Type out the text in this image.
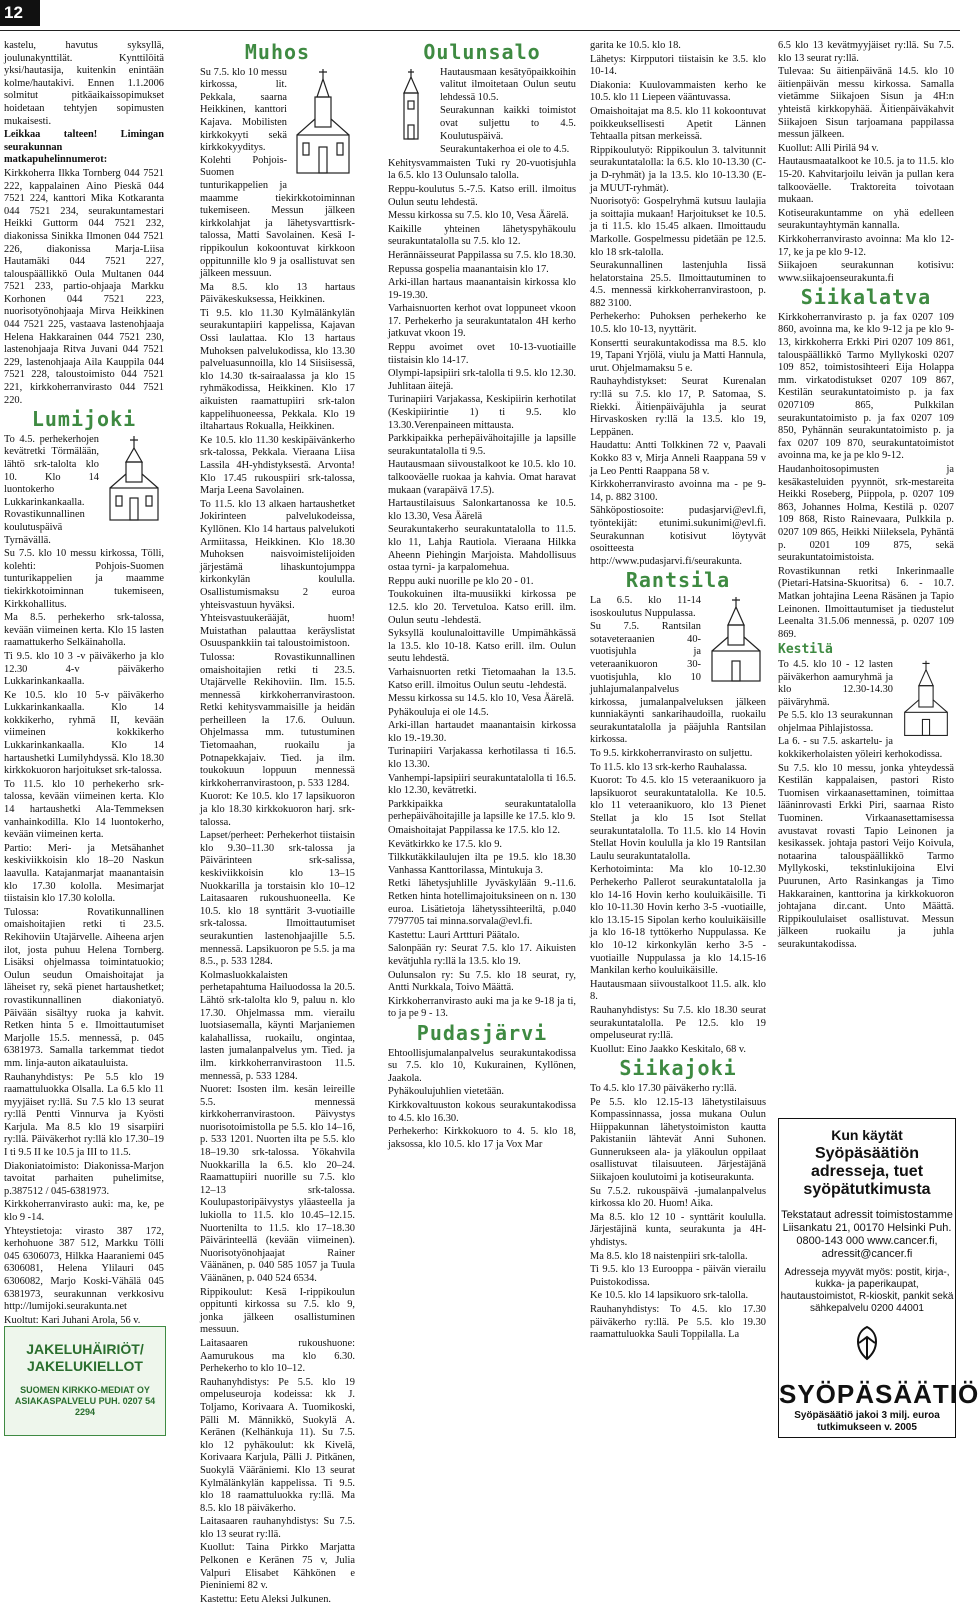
12

kastelu, havutus syksyllä, joulunakynttilät. Kynttilöitä yksi/hautasija, kuitenkin enintään kolme/hautakivi. Ennen 1.1.2006 solmitut pitkäaikaissopimukset hoidetaan tehtyjen sopimusten mukaisesti.

Leikkaa talteen! Limingan seurakunnan matkapuhelinnumerot:

Kirkkoherra Ilkka Tornberg 044 7521 222, kappalainen Aino Pieskä 044 7521 224, kanttori Mika Kotkaranta 044 7521 234, seurakuntamestari Heikki Guttorm 044 7521 232, diakonissa Sinikka Ilmonen 044 7521 226, diakonissa Marja-Liisa Hautamäki 044 7521 227, talouspäällikkö Oula Multanen 044 7521 233, partio-ohjaaja Markku Korhonen 044 7521 223, nuorisotyönohjaaja Mirva Heikkinen 044 7521 225, vastaava lastenohjaaja Helena Hakkarainen 044 7521 230, lastenohjaaja Ritva Juvani 044 7521 229, lastenohjaaja Aila Kauppila 044 7521 228, taloustoimisto 044 7521 221, kirkkoherranvirasto 044 7521 220.

Lumijoki

To 4.5. perhekerhojen kevätretki Törmälään, lähtö srk-talolta klo 10. Klo 14 luontokerho Lukkarinkankaalla. Rovastikunnallinen koulutuspäivä Tyrnävällä.

Su 7.5. klo 10 messu kirkossa, Tölli, kolehti: Pohjois-Suomen tunturikappelien ja maamme tiekirkkotoiminnan tukemiseen, Kirkkohallitus.

Ma 8.5. perhekerho srk-talossa, kevään viimeinen kerta. Klo 15 lasten raamattukerho Selkäinaholla.

Ti 9.5. klo 10 3 -v päiväkerho ja klo 12.30 4-v päiväkerho Lukkarinkankaalla.

Ke 10.5. klo 10 5-v päiväkerho Lukkarinkankaalla. Klo 14 kokkikerho, ryhmä II, kevään viimeinen kokkikerho Lukkarinkankaalla. Klo 14 hartaushetki Lumilyhdyssä. Klo 18.30 kirkkokuoron harjoitukset srk-talossa.

To 11.5. klo 10 perhekerho srk-talossa, kevään viimeinen kerta. Klo 14 hartaushetki Ala-Temmeksen vanhainkodilla. Klo 14 luontokerho, kevään viimeinen kerta.

Partio: Meri- ja Metsähanhet keskiviikkoisin klo 18–20 Naskun laavulla. Katajanmarjat maanantaisin klo 17.30 kololla. Mesimarjat tiistaisin klo 17.30 kololla.

Tulossa: Rovatikunnallinen omaishoitajien retki ti 23.5. Rekihoviin Utajärvelle. Aiheena arjen ilot, josta puhuu Helena Tornberg. Lisäksi ohjelmassa toimintatuokio; Oulun seudun Omaishoitajat ja läheiset ry, sekä pienet hartaushetket; rovastikunnallinen diakoniatyö. Päivään sisältyy ruoka ja kahvit. Retken hinta 5 e. Ilmoittautumiset Marjolle 15.5. mennessä, p. 045 6381973. Samalla tarkemmat tiedot mm. linja-auton aikatauluista.

Rauhanyhdistys: Pe 5.5 klo 19 raamattuluokka Olsalla. La 6.5 klo 11 myyjäiset ry:llä. Su 7.5 klo 13 seurat ry:llä Pentti Vinnurva ja Kyösti Karjula. Ma 8.5 klo 19 sisarpiiri ry:llä. Päiväkerhot ry:llä klo 17.30–19 I ti 9.5 II ke 10.5 ja III to 11.5.

Diakoniatoimisto: Diakonissa-Marjon tavoitat parhaiten puhelimitse, p.387512 / 045-6381973.

Kirkkoherranvirasto auki: ma, ke, pe klo 9 -14.

Yhteystietoja: virasto 387 172, kerhohuone 387 512, Markku Tölli 045 6306073, Hilkka Haaraniemi 045 6306081, Helena Ylilauri 045 6306082, Marjo Koski-Vähälä 045 6381973, seurakunnan verkkosivu http://lumijoki.seurakunta.net

Kuoltut: Kari Juhani Arola, 56 v.

JAKELUHÄIRIÖT/ JAKELUKIELLOT
SUOMEN KIRKKO-MEDIAT OY ASIAKASPALVELU PUH. 0207 54 2294
Muhos

Su 7.5. klo 10 messu kirkossa, lit. Pekkala, saarna Heikkinen, kanttori Kajava. Mobilisten kirkkokyyti sekä kirkkokyyditys. Kolehti Pohjois-Suomen tunturikappelien ja maamme tiekirkkotoiminnan tukemiseen. Messun jälkeen kirkkolahjat ja lähetysvarttisrk-talossa, Matti Savolainen. Kesä I-rippikoulun kokoontuvat kirkkoon oppitunnille klo 9 ja osallistuvat sen jälkeen messuun.

Ma 8.5. klo 13 hartaus Päiväkeskuksessa, Heikkinen.

Ti 9.5. klo 11.30 Kylmälänkylän seurakuntapiiri kappelissa, Kajavan Ossi laulattaa. Klo 13 hartaus Muhoksen palvelukodissa, klo 13.30 palveluasunnoilla, klo 14 Siisiisessä, klo 14.30 tk-sairaalassa ja klo 15 ryhmäkodissa, Heikkinen. Klo 17 aikuisten raamattupiiri srk-talon kappelihuoneessa, Pekkala. Klo 19 iltahartaus Rokualla, Heikkinen.

Ke 10.5. klo 11.30 keskipäivänkerho srk-talossa, Pekkala. Vieraana Liisa Lassila 4H-yhdistyksestä. Arvonta! Klo 17.45 rukouspiiri srk-talossa, Marja Leena Savolainen.

To 11.5. klo 13 alkaen hartaushetket Jokirinteen palvelukodeissa, Kyllönen. Klo 14 hartaus palvelukoti Armiitassa, Heikkinen. Klo 18.30 Muhoksen naisvoimistelijoiden järjestämä lihaskuntojumppa kirkonkylän koululla. Osallistumismaksu 2 euroa yhteisvastuun hyväksi.

Yhteisvastuukerääjät, huom! Muistathan palauttaa keräyslistat Osuuspankkiin tai taloustoimistoon.

Tulossa: Rovastikunnallinen omaishoitajien retki ti 23.5. Utajärvelle Rekihoviin. Ilm. 15.5. mennessä kirkkoherranvirastoon. Retki kehitysvammaisille ja heidän perheilleen la 17.6. Ouluun. Ohjelmassa mm. tutustuminen Tietomaahan, ruokailu ja Potnapekkajaiv. Tied. ja ilm. toukokuun loppuun mennessä kirkkoherranvirastoon, p. 533 1284.

Kuorot: Ke 10.5. klo 17 lapsikuoron ja klo 18.30 kirkkokuoron harj. srk-talossa.

Lapset/perheet: Perhekerhot tiistaisin klo 9.30–11.30 srk-talossa ja Päivärinteen srk-salissa, keskiviikkoisin klo 13–15 Nuokkarilla ja torstaisin klo 10–12 Laitasaaren rukoushuoneella. Ke 10.5. klo 18 synttärit 3-vuotiaille srk-talossa. Ilmoittautumiset seurakuntien lastenohjaajille 5.5. mennessä. Lapsikuoron pe 5.5. ja ma 8.5., p. 533 1284.

Kolmasluokkalaisten perhetapahtuma Hailuodossa la 20.5. Lähtö srk-talolta klo 9, paluu n. klo 17.30. Ohjelmassa mm. vierailu luotsiasemalla, käynti Marjaniemen kalahallissa, ruokailu, ongintaa, lasten jumalanpalvelus ym. Tied. ja ilm. kirkkoherranvirastoon 11.5. mennessä, p. 533 1284.

Nuoret: Isosten ilm. kesän leireille 5.5. mennessä kirkkoherranvirastoon. Päivystys nuorisotoimistolla pe 5.5. klo 14–16, p. 533 1201. Nuorten ilta pe 5.5. klo 18–19.30 srk-talossa. Yökahvila Nuokkarilla la 6.5. klo 20–24. Raamattupiiri nuorille su 7.5. klo 12–13 srk-talossa. Koulupastoripäivystys yläasteella ja lukiolla to 11.5. klo 10.45–12.15. Nuortenilta to 11.5. klo 17–18.30 Päivärinteellä (kevään viimeinen). Nuorisotyönohjaajat Rainer Väänänen, p. 040 585 1057 ja Tuula Väänänen, p. 040 524 6534.

Rippikoulut: Kesä I-rippikoulun oppitunti kirkossa su 7.5. klo 9, jonka jälkeen osallistuminen messuun.

Laitasaaren rukoushuone: Aamurukous ma klo 6.30. Perhekerho to klo 10–12.

Rauhanyhdistys: Pe 5.5. klo 19 ompeluseuroja kodeissa: kk J. Toljamo, Korivaara A. Tuomikoski, Pälli M. Männikkö, Suokylä A. Keränen (Kelhänkuja 11). Su 7.5. klo 12 pyhäkoulut: kk Kivelä, Korivaara Karjula, Pälli J. Pitkänen, Suokylä Vääräniemi. Klo 13 seurat Kylmälänkylän kappelissa. Ti 9.5. klo 18 raamattuluokka ry:llä. Ma 8.5. klo 18 päiväkerho.

Laitasaaren rauhanyhdistys: Su 7.5. klo 13 seurat ry:llä.

Kuollut: Taina Pirkko Marjatta Pelkonen e Keränen 75 v, Julia Valpuri Elisabet Kähkönen e Pieniniemi 82 v.

Kastettu: Eetu Aleksi Julkunen.

Oulunsalo

Hautausmaan kesätyöpaikkoihin valitut ilmoitetaan Oulun seutu lehdessä 10.5.

Seurakunnan kaikki toimistot ovat suljettu to 4.5. Koulutuspäivä.

Seurakuntakerhoa ei ole to 4.5.

Kehitysvammaisten Tuki ry 20-vuotisjuhla la 6.5. klo 13 Oulunsalo talolla.

Reppu-koulutus 5.-7.5. Katso erill. ilmoitus Oulun seutu lehdestä.

Messu kirkossa su 7.5. klo 10, Vesa Äärelä.

Kaikille yhteinen lähetyspyhäkoulu seurakuntatalolla su 7.5. klo 12.

Herännäisseurat Pappilassa su 7.5. klo 18.30.

Repussa gospelia maanantaisin klo 17.

Arki-illan hartaus maanantaisin kirkossa klo 19-19.30.

Varhaisnuorten kerhot ovat loppuneet vkoon 17. Perhekerho ja seurakuntatalon 4H kerho jatkuvat vkoon 19.

Reppu avoimet ovet 10-13-vuotiaille tiistaisin klo 14-17.

Olympi-lapsipiiri srk-talolla ti 9.5. klo 12.30. Juhlitaan äitejä.

Turinapiiri Varjakassa, Keskipiirin kerhotilat (Keskipiirintie 1) ti 9.5. klo 13.30.Verenpaineen mittausta.

Parkkipaikka perhepäivähoitajille ja lapsille seurakuntatalolla ti 9.5.

Hautausmaan siivoustalkoot ke 10.5. klo 10. talkooväelle ruokaa ja kahvia. Omat haravat mukaan (varapäivä 17.5).

Hartaustilaisuus Salonkartanossa ke 10.5. klo 13.30, Vesa Äärelä

Seurakuntakerho seurakuntatalolla to 11.5. klo 11, Lahja Rautiola. Vieraana Hilkka Aheenn Piehingin Marjoista. Mahdollisuus ostaa tyrni- ja karpalomehua.

Reppu auki nuorille pe klo 20 - 01.

Toukokuinen ilta-muusiikki kirkossa pe 12.5. klo 20. Tervetuloa. Katso erill. ilm. Oulun seutu -lehdestä.

Syksyllä koulunaloittaville Umpimähkässä la 13.5. klo 10-18. Katso erill. ilm. Oulun seutu lehdestä.

Varhaisnuorten retki Tietomaahan la 13.5. Katso erill. ilmoitus Oulun seutu -lehdestä.

Messu kirkossa su 14.5. klo 10, Vesa Äärelä.

Pyhäkouluja ei ole 14.5.

Arki-illan hartaudet maanantaisin kirkossa klo 19.-19.30.

Turinapiiri Varjakassa kerhotilassa ti 16.5. klo 13.30.

Vanhempi-lapsipiiri seurakuntatalolla ti 16.5. klo 12.30, kevätretki.

Parkkipaikka seurakuntatalolla perhepäivähoitajille ja lapsille ke 17.5. klo 9.

Omaishoitajat Pappilassa ke 17.5. klo 12.

Kevätkirkko ke 17.5. klo 9.

Tilkkutäkkilaulujen ilta pe 19.5. klo 18.30 Vanhassa Kanttorilassa, Mintukuja 3.

Retki lähetysjuhlille Jyväskylään 9.-11.6. Retken hinta hotellimajoituksineen on n. 130 euroa. Lisätietoja lähetyssihteeriltä, p.040 7797705 tai minna.sorvala@evl.fi.

Kastettu: Lauri Arttturi Päätalo.

Salonpään ry: Seurat 7.5. klo 17. Aikuisten kevätjuhla ry:llä la 13.5. klo 19.

Oulunsalon ry: Su 7.5. klo 18 seurat, ry, Antti Nurkkala, Toivo Määttä.

Kirkkoherranvirasto auki ma ja ke 9-18 ja ti, to ja pe 9 - 13.

Pudasjärvi

Ehtoollisjumalanpalvelus seurakuntakodissa su 7.5. klo 10, Kukurainen, Kyllönen, Jaakola.

Pyhäkoulujuhlien vietetään.

Kirkkovaltuuston kokous seurakuntakodissa to 4.5. klo 16.30.

Perhekerho: Kirkkokuoro to 4. 5. klo 18, jaksossa, klo 10.5. klo 17 ja Vox Mar

garita ke 10.5. klo 18.

Lähetys: Kirpputori tiistaisin ke 3.5. klo 10-14.

Diakonia: Kuulovammaisten kerho ke 10.5. klo 11 Liepeen vääntuvassa.

Omaishoitajat ma 8.5. klo 11 kokoontuvat poikkeuksellisesti Apetit Lännen Tehtaalla pitsan merkeissä.

Rippikoulutyö: Rippikoulun 3. talvitunnit seurakuntatalolla: la 6.5. klo 10-13.30 (C- ja D-ryhmät) ja la 13.5. klo 10-13.30 (E- ja MUUT-ryhmät).

Nuorisotyö: Gospelryhmä kutsuu laulajia ja soittajia mukaan! Harjoitukset ke 10.5. ja ti 11.5. klo 15.45 alkaen. Ilmoittaudu Markolle. Gospelmessu pidetään pe 12.5. klo 18 srk-talolla.

Seurakunnallinen lastenjuhla Iissä helatorstaina 25.5. Ilmoittautuminen to 4.5. mennessä kirkkoherranvirastoon, p. 882 3100.

Perhekerho: Puhoksen perhekerho ke 10.5. klo 10-13, nyyttärit.

Konsertti seurakuntakodissa ma 8.5. klo 19, Tapani Yrjölä, viulu ja Matti Hannula, urut. Ohjelmamaksu 5 e.

Rauhayhdistykset: Seurat Kurenalan ry:llä su 7.5. klo 17, P. Satomaa, S. Riekki. Äitienpäiväjuhla ja seurat Hirvaskosken ry:llä la 13.5. klo 19, Leppänen.

Haudattu: Antti Tolkkinen 72 v, Paavali Kokko 83 v, Mirja Anneli Raappana 59 v ja Leo Pentti Raappana 58 v.

Kirkkoherranvirasto avoinna ma - pe 9-14, p. 882 3100.

Sähköpostiosoite: pudasjarvi@evl.fi, työntekijät: etunimi.sukunimi@evl.fi. Seurakunnan kotisivut löytyvät osoitteesta http://www.pudasjarvi.fi/seurakunta.

Rantsila

La 6.5. klo 11-14 isoskoulutus Nuppulassa.

Su 7.5. Rantsilan sotaveteraanien 40-vuotisjuhla ja veteraanikuoron 30-vuotisjuhla, klo 10 juhlajumalanpalvelus kirkossa, jumalanpalveluksen jälkeen kunniakäynti sankarihaudoilla, ruokailu seurakuntatalolla ja pääjuhla Rantsilan kirkossa.

To 9.5. kirkkoherranvirasto on suljettu.

To 11.5. klo 13 srk-kerho Rauhalassa.

Kuorot: To 4.5. klo 15 veteraanikuoro ja lapsikuorot seurakuntatalolla. Ke 10.5. klo 11 veteraanikuoro, klo 13 Pienet Stellat ja klo 15 Isot Stellat seurakuntatalolla. To 11.5. klo 14 Hovin Stellat Hovin koululla ja klo 19 Rantsilan Laulu seurakuntatalolla.

Kerhotoiminta: Ma klo 10-12.30 Perhekerho Pallerot seurakuntatalolla ja klo 14-16 Hovin kerho kouluikäisille. Ti klo 10-11.30 Hovin kerho 3-5 -vuotiaille, klo 13.15-15 Sipolan kerho kouluikäisille ja klo 16-18 tyttökerho Nuppulassa. Ke klo 10-12 kirkonkylän kerho 3-5 -vuotiaille Nuppulassa ja klo 14.15-16 Mankilan kerho kouluikäisille.

Hautausmaan siivoustalkoot 11.5. alk. klo 8.

Rauhanyhdistys: Su 7.5. klo 18.30 seurat seurakuntatalolla. Pe 12.5. klo 19 ompeluseurat ry:llä.

Kuollut: Eino Jaakko Keskitalo, 68 v.

Siikajoki

To 4.5. klo 17.30 päiväkerho ry:llä.

Pe 5.5. klo 12.15-13 lähetystilaisuus Kompassinnassa, jossa mukana Oulun Hiippakunnan lähetystoimiston kautta Pakistaniin lähtevät Anni Suhonen. Gunnerukseen ala- ja yläkoulun oppilaat osallistuvat tilaisuuteen. Järjestäjänä Siikajoen koulutoimi ja kotiseurakunta.

Su 7.5.2. rukouspäivä -jumalanpalvelus kirkossa klo 20. Huom! Aika.

Ma 8.5. klo 12 10 - synttärit koululla. Järjestäjinä kunta, seurakunta ja 4H-yhdistys.

Ma 8.5. klo 18 naistenpiiri srk-talolla.

Ti 9.5. klo 13 Eurooppa - päivän vierailu Puistokodissa.

Ke 10.5. klo 14 lapsikuoro srk-talolla.

Rauhanyhdistys: To 4.5. klo 17.30 päiväkerho ry:llä. Pe 5.5. klo 19.30 raamattuluokka Sauli Toppilalla. La

6.5 klo 13 kevätmyyjäiset ry:llä. Su 7.5. klo 13 seurat ry:llä.

Tulevaa: Su äitienpäivänä 14.5. klo 10 äitienpäivän messu kirkossa. Samalla vietämme Siikajoen Sisun ja 4H:n yhteistä kirkkopyhää. Äitienpäiväkahvit Siikajoen Sisun tarjoamana pappilassa messun jälkeen.

Kuollut: Alli Pirilä 94 v.

Hautausmaatalkoot ke 10.5. ja to 11.5. klo 15-20. Kahvitarjoilu leivän ja pullan kera talkooväelle. Traktoreita toivotaan mukaan.

Kotiseurakuntamme on yhä edelleen seurakuntayhtymän kannalla.

Kirkkoherranvirasto avoinna: Ma klo 12-17, ke ja pe klo 9-12.

Siikajoen seurakunnan kotisivu: www.siikajoenseurakunta.fi

Siikalatva

Kirkkoherranvirasto p. ja fax 0207 109 860, avoinna ma, ke klo 9-12 ja pe klo 9-13, kirkkoherra Erkki Piri 0207 109 861, talouspäällikkö Tarmo Myllykoski 0207 109 852, toimistosihteeri Eija Holappa mm. virkatodistukset 0207 109 867, Kestilän seurakuntatoimisto p. ja fax 0207109 865, Pulkkilan seurakuntatoimisto p. ja fax 0207 109 850, Pyhännän seurakuntatoimisto p. ja fax 0207 109 870, seurakuntatoimistot avoinna ma, ke ja pe klo 9-12.

Haudanhoitosopimusten ja kesäkasteluiden pyynnöt, srk-mestareita Heikki Roseberg, Piippola, p. 0207 109 863, Johannes Holma, Kestilä p. 0207 109 868, Risto Rainevaara, Pulkkila p. 0207 109 865, Heikki Niileksela, Pyhäntä p. 0201 109 875, sekä seurakuntatoimistoista.

Rovastikunnan retki Inkerinmaalle (Pietari-Hatsina-Skuoritsa) 6. - 10.7. Matkan johtajina Leena Räsänen ja Tapio Leinonen. Ilmoittautumiset ja tiedustelut Leenalta 31.5.06 mennessä, p. 0207 109 869.

Kestilä

To 4.5. klo 10 - 12 lasten päiväkerhon aamuryhmä ja klo 12.30-14.30 päiväryhmä.

Pe 5.5. klo 13 seurakunnan ohjelmaa Pihlajistossa.

La 6. - su 7.5. askartelu- ja kokkikerholaisten yöleiri kerhokodissa.

Su 7.5. klo 10 messu, jonka yhteydessä Kestilän kappalaisen, pastori Risto Tuomisen virkaanasettaminen, toimittaa lääninrovasti Erkki Piri, saarnaa Risto Tuominen. Virkaanasettamisessa avustavat rovasti Tapio Leinonen ja kesikassek. johtaja pastori Veijo Koivula, notaarina talouspäällikkö Tarmo Myllykoski, tekstinlukijoina Elvi Puurunen, Arto Rasinkangas ja Timo Hakkarainen, kanttorina ja kirkkokuoron johtajana dir.cant. Unto Määttä. Rippikoululaiset osallistuvat. Messun jälkeen ruokailu ja juhla seurakuntakodissa.

Kun käytät
Syöpäsäätiön adresseja, tuet syöpätutkimusta
Tekstataut adressit toimistostamme Liisankatu 21, 00170 Helsinki Puh. 0800-143 000 www.cancer.fi, adressit@cancer.fi
Adresseja myyvät myös: postit, kirja-, kukka- ja paperikaupat, hautaustoimistot, R-kioskit, pankit sekä sähkepalvelu 0200 44001
SYÖPÄSÄÄTIÖ
Syöpäsäätiö jakoi 3 milj. euroa tutkimukseen v. 2005
